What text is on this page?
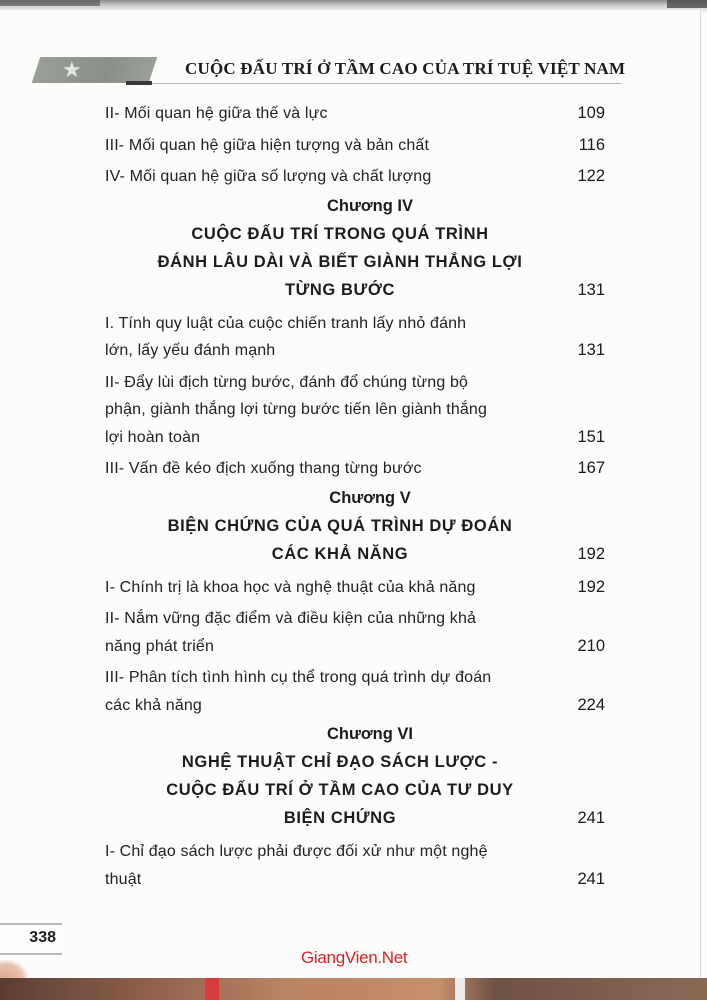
★	CUỘC ĐẤU TRÍ Ở TẦM CAO CỦA TRÍ TUỆ VIỆT NAM
II- Mối quan hệ giữa thế và lực	109
III- Mối quan hệ giữa hiện tượng và bản chất	116
IV- Mối quan hệ giữa số lượng và chất lượng	122
Chương IV
CUỘC ĐẤU TRÍ TRONG QUÁ TRÌNH
ĐÁNH LÂU DÀI VÀ BIẾT GIÀNH THẮNG LỢI
TỪNG BƯỚC	131
I. Tính quy luật của cuộc chiến tranh lấy nhỏ đánh
lớn, lấy yếu đánh mạnh	131
II- Đẩy lùi địch từng bước, đánh đổ chúng từng bộ
phận, giành thắng lợi từng bước tiến lên giành thắng
lợi hoàn toàn	151
III- Vấn đề kéo địch xuống thang từng bước	167
Chương V
BIỆN CHỨNG CỦA QUÁ TRÌNH DỰ ĐOÁN
CÁC KHẢ NĂNG	192
I- Chính trị là khoa học và nghệ thuật của khả năng	192
II- Nắm vững đặc điểm và điều kiện của những khả
năng phát triển	210
III- Phân tích tình hình cụ thể trong quá trình dự đoán
các khả năng	224
Chương VI
NGHỆ THUẬT CHỈ ĐẠO SÁCH LƯỢC -
CUỘC ĐẤU TRÍ Ở TẦM CAO CỦA TƯ DUY
BIỆN CHỨNG	241
I- Chỉ đạo sách lược phải được đối xử như một nghệ
thuật	241
338
GiangVien.Net
